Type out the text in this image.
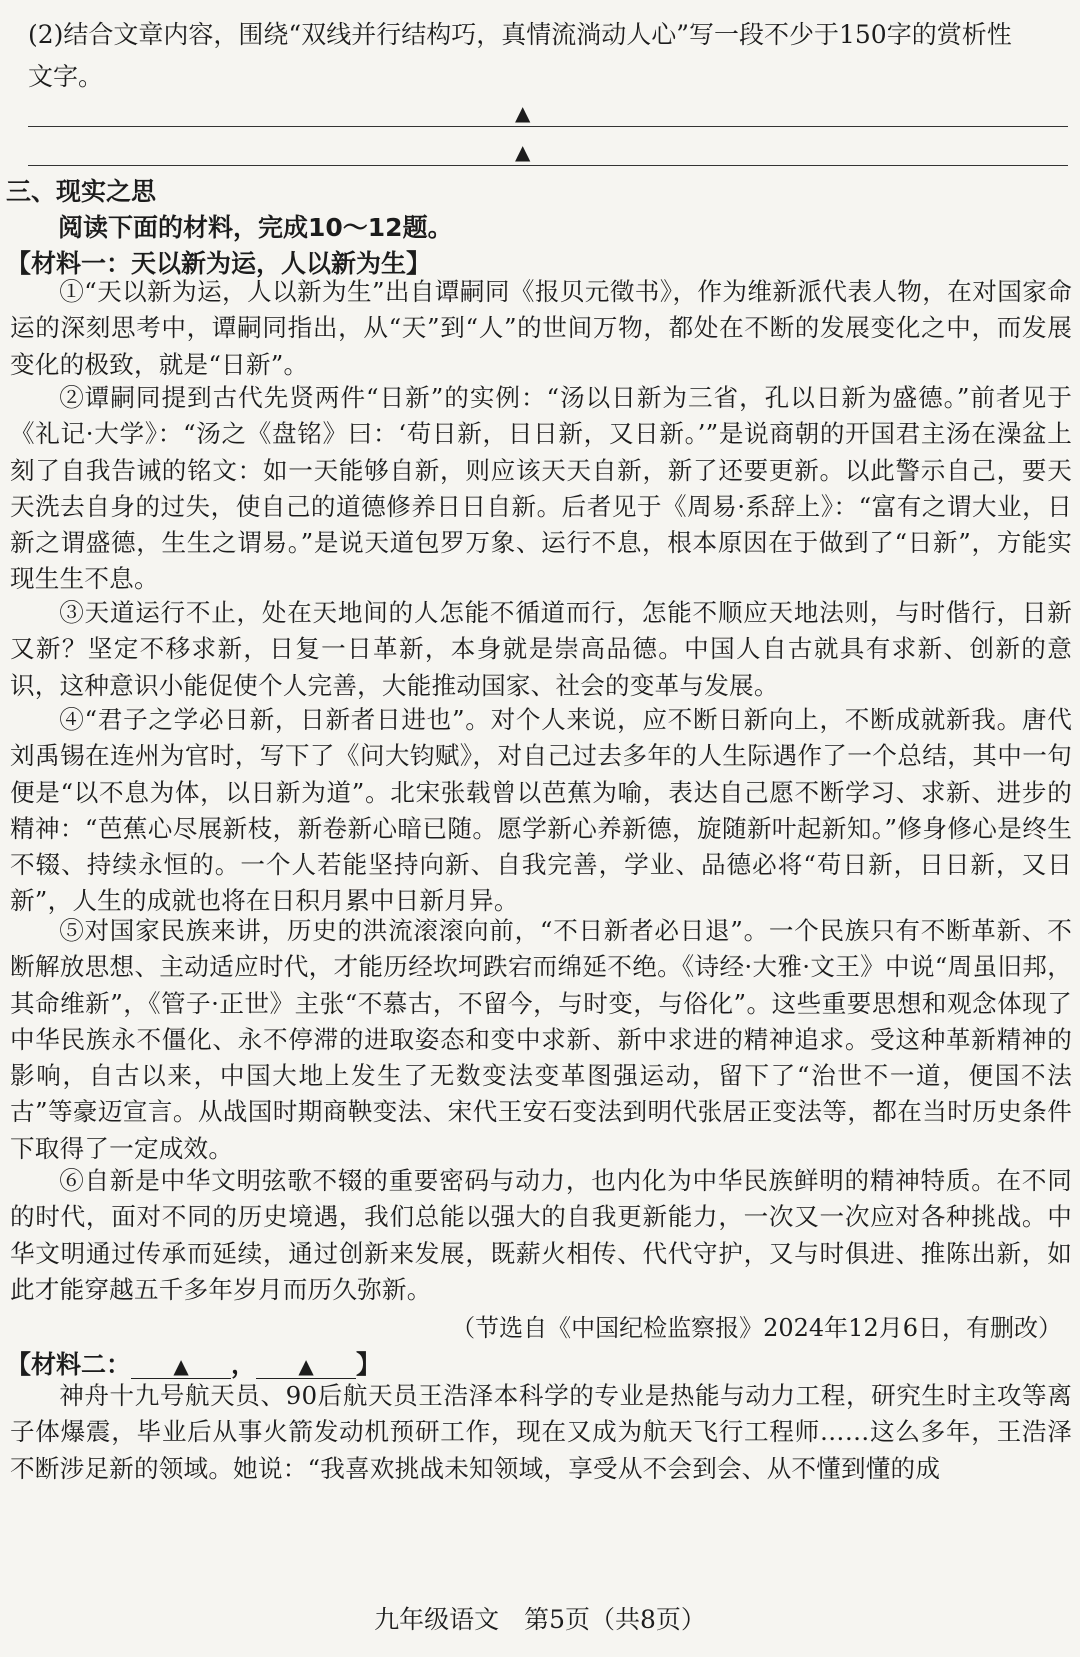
(2)结合文章内容，围绕“双线并行结构巧，真情流淌动人心”写一段不少于150字的赏析性
文字。
▲
▲
三、现实之思
阅读下面的材料，完成10～12题。
【材料一：天以新为运，人以新为生】
①“天以新为运，人以新为生”出自谭嗣同《报贝元徵书》，作为维新派代表人物，在对国家命运的深刻思考中，谭嗣同指出，从“天”到“人”的世间万物，都处在不断的发展变化之中，而发展变化的极致，就是“日新”。
②谭嗣同提到古代先贤两件“日新”的实例：“汤以日新为三省，孔以日新为盛德。”前者见于《礼记·大学》：“汤之《盘铭》曰：‘苟日新，日日新，又日新。’”是说商朝的开国君主汤在澡盆上刻了自我告诫的铭文：如一天能够自新，则应该天天自新，新了还要更新。以此警示自己，要天天洗去自身的过失，使自己的道德修养日日自新。后者见于《周易·系辞上》：“富有之谓大业，日新之谓盛德，生生之谓易。”是说天道包罗万象、运行不息，根本原因在于做到了“日新”，方能实现生生不息。
③天道运行不止，处在天地间的人怎能不循道而行，怎能不顺应天地法则，与时偕行，日新又新？坚定不移求新，日复一日革新，本身就是崇高品德。中国人自古就具有求新、创新的意识，这种意识小能促使个人完善，大能推动国家、社会的变革与发展。
④“君子之学必日新，日新者日进也”。对个人来说，应不断日新向上，不断成就新我。唐代刘禹锡在连州为官时，写下了《问大钧赋》，对自己过去多年的人生际遇作了一个总结，其中一句便是“以不息为体，以日新为道”。北宋张载曾以芭蕉为喻，表达自己愿不断学习、求新、进步的精神：“芭蕉心尽展新枝，新卷新心暗已随。愿学新心养新德，旋随新叶起新知。”修身修心是终生不辍、持续永恒的。一个人若能坚持向新、自我完善，学业、品德必将“苟日新，日日新，又日新”，人生的成就也将在日积月累中日新月异。
⑤对国家民族来讲，历史的洪流滚滚向前，“不日新者必日退”。一个民族只有不断革新、不断解放思想、主动适应时代，才能历经坎坷跌宕而绵延不绝。《诗经·大雅·文王》中说“周虽旧邦，其命维新”，《管子·正世》主张“不慕古，不留今，与时变，与俗化”。这些重要思想和观念体现了中华民族永不僵化、永不停滞的进取姿态和变中求新、新中求进的精神追求。受这种革新精神的影响，自古以来，中国大地上发生了无数变法变革图强运动，留下了“治世不一道，便国不法古”等豪迈宣言。从战国时期商鞅变法、宋代王安石变法到明代张居正变法等，都在当时历史条件下取得了一定成效。
⑥自新是中华文明弦歌不辍的重要密码与动力，也内化为中华民族鲜明的精神特质。在不同的时代，面对不同的历史境遇，我们总能以强大的自我更新能力，一次又一次应对各种挑战。中华文明通过传承而延续，通过创新来发展，既薪火相传、代代守护，又与时俱进、推陈出新，如此才能穿越五千多年岁月而历久弥新。
（节选自《中国纪检监察报》2024年12月6日，有删改）
【材料二： ▲ ， ▲ 】
神舟十九号航天员、90后航天员王浩泽本科学的专业是热能与动力工程，研究生时主攻等离子体爆震，毕业后从事火箭发动机预研工作，现在又成为航天飞行工程师……这么多年，王浩泽不断涉足新的领域。她说：“我喜欢挑战未知领域，享受从不会到会、从不懂到懂的成
九年级语文　第5页（共8页）
